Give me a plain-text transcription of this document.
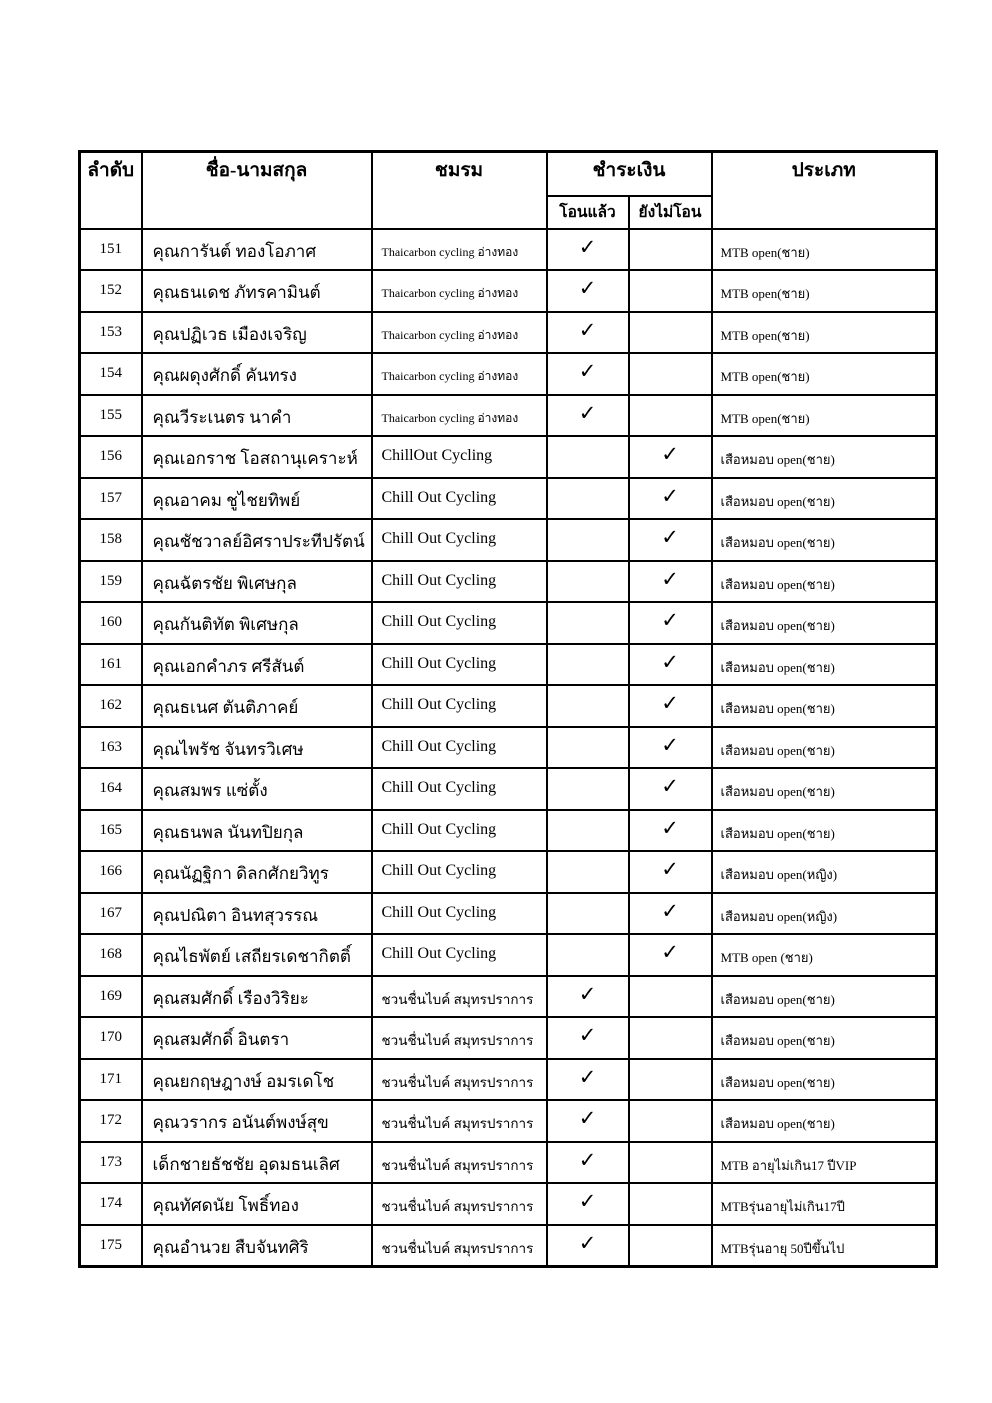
ลำดับ	ชื่อ-นามสกุล	ชมรม	ชำระเงิน		ประเภท
			โอนแล้ว	ยังไม่โอน	
151	คุณการันต์ ทองโอภาศ	Thaicarbon cycling อ่างทอง	✓		MTB open(ชาย)
152	คุณธนเดช ภัทรคามินต์	Thaicarbon cycling อ่างทอง	✓		MTB open(ชาย)
153	คุณปฏิเวธ เมืองเจริญ	Thaicarbon cycling อ่างทอง	✓		MTB open(ชาย)
154	คุณผดุงศักดิ์ คันทรง	Thaicarbon cycling อ่างทอง	✓		MTB open(ชาย)
155	คุณวีระเนตร นาคำ	Thaicarbon cycling อ่างทอง	✓		MTB open(ชาย)
156	คุณเอกราช โอสถานุเคราะห์	ChillOut Cycling		✓	เสือหมอบ open(ชาย)
157	คุณอาคม ชูไชยทิพย์	Chill Out Cycling		✓	เสือหมอบ open(ชาย)
158	คุณชัชวาลย์อิศราประทีปรัตน์	Chill Out Cycling		✓	เสือหมอบ open(ชาย)
159	คุณฉัตรชัย พิเศษกุล	Chill Out Cycling		✓	เสือหมอบ open(ชาย)
160	คุณกันติทัต พิเศษกุล	Chill Out Cycling		✓	เสือหมอบ open(ชาย)
161	คุณเอกคำภร ศรีสันต์	Chill Out Cycling		✓	เสือหมอบ open(ชาย)
162	คุณธเนศ ตันติภาคย์	Chill Out Cycling		✓	เสือหมอบ open(ชาย)
163	คุณไพรัช จันทรวิเศษ	Chill Out Cycling		✓	เสือหมอบ open(ชาย)
164	คุณสมพร แซ่ตั้ง	Chill Out Cycling		✓	เสือหมอบ open(ชาย)
165	คุณธนพล นันทปิยกุล	Chill Out Cycling		✓	เสือหมอบ open(ชาย)
166	คุณนัฏฐิกา ดิลกศักยวิทูร	Chill Out Cycling		✓	เสือหมอบ open(หญิง)
167	คุณปณิตา อินทสุวรรณ	Chill Out Cycling		✓	เสือหมอบ open(หญิง)
168	คุณไธพัตย์ เสถียรเดชากิตติ์	Chill Out Cycling		✓	MTB open (ชาย)
169	คุณสมศักดิ์ เรืองวิริยะ	ชวนชื่นไบค์ สมุทรปราการ	✓		เสือหมอบ open(ชาย)
170	คุณสมศักดิ์ อินตรา	ชวนชื่นไบค์ สมุทรปราการ	✓		เสือหมอบ open(ชาย)
171	คุณยกฤษฎางษ์ อมรเดโช	ชวนชื่นไบค์ สมุทรปราการ	✓		เสือหมอบ open(ชาย)
172	คุณวรากร อนันต์พงษ์สุข	ชวนชื่นไบค์ สมุทรปราการ	✓		เสือหมอบ open(ชาย)
173	เด็กชายธัชชัย อุดมธนเลิศ	ชวนชื่นไบค์ สมุทรปราการ	✓		MTB อายุไม่เกิน17 ปีVIP
174	คุณทัศดนัย โพธิ์ทอง	ชวนชื่นไบค์ สมุทรปราการ	✓		MTBรุ่นอายุไม่เกิน17ปี
175	คุณอำนวย สืบจันทศิริ	ชวนชื่นไบค์ สมุทรปราการ	✓		MTBรุ่นอายุ 50ปีขึ้นไป
